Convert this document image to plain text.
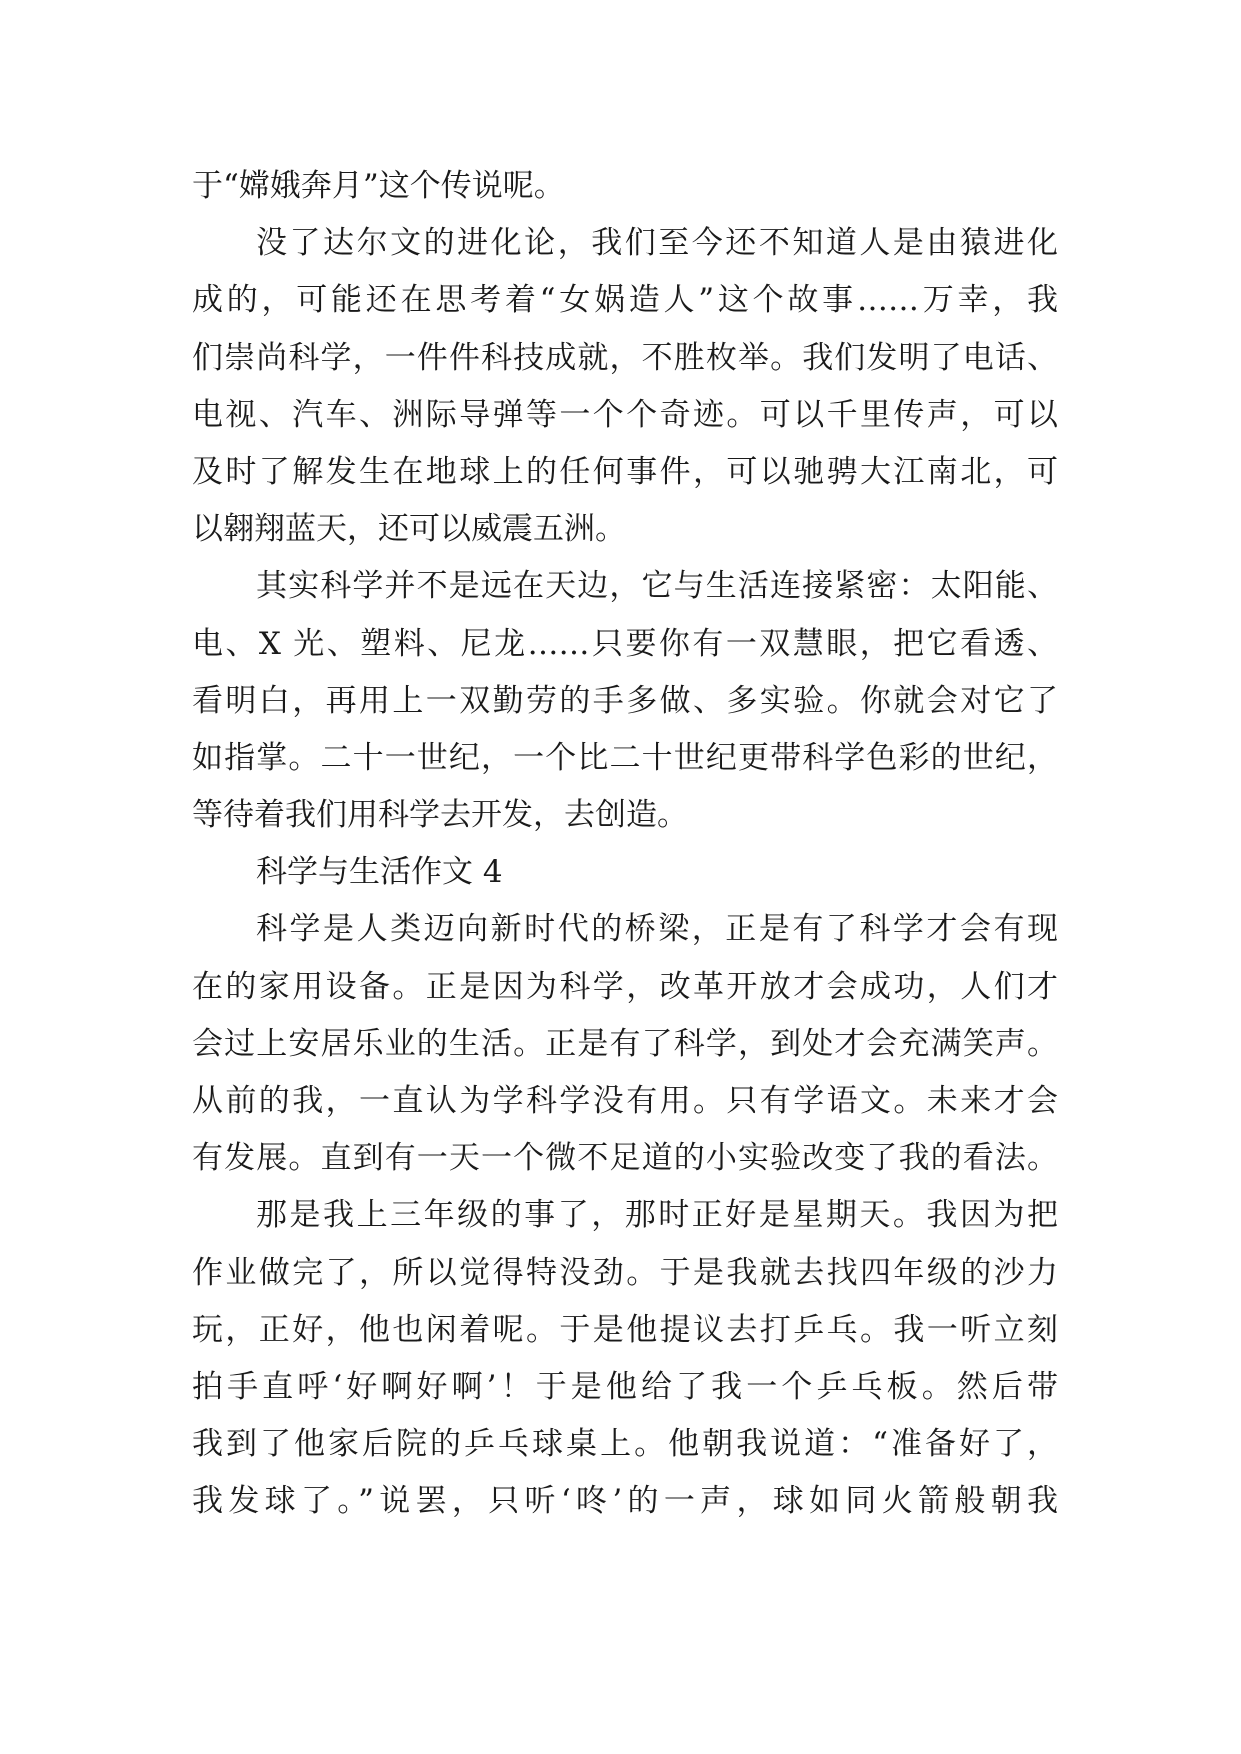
于“嫦娥奔月”这个传说呢。
没了达尔文的进化论，我们至今还不知道人是由猿进化
成的，可能还在思考着“女娲造人”这个故事……万幸，我
们崇尚科学，一件件科技成就，不胜枚举。我们发明了电话、
电视、汽车、洲际导弹等一个个奇迹。可以千里传声，可以
及时了解发生在地球上的任何事件，可以驰骋大江南北，可
以翱翔蓝天，还可以威震五洲。
其实科学并不是远在天边，它与生活连接紧密：太阳能、
电、X 光、塑料、尼龙……只要你有一双慧眼，把它看透、
看明白，再用上一双勤劳的手多做、多实验。你就会对它了
如指掌。二十一世纪，一个比二十世纪更带科学色彩的世纪，
等待着我们用科学去开发，去创造。
科学与生活作文 4
科学是人类迈向新时代的桥梁，正是有了科学才会有现
在的家用设备。正是因为科学，改革开放才会成功，人们才
会过上安居乐业的生活。正是有了科学，到处才会充满笑声。
从前的我，一直认为学科学没有用。只有学语文。未来才会
有发展。直到有一天一个微不足道的小实验改变了我的看法。
那是我上三年级的事了，那时正好是星期天。我因为把
作业做完了，所以觉得特没劲。于是我就去找四年级的沙力
玩，正好，他也闲着呢。于是他提议去打乒乓。我一听立刻
拍手直呼‘好啊好啊’！于是他给了我一个乒乓板。然后带
我到了他家后院的乒乓球桌上。他朝我说道：“准备好了，
我发球了。”说罢，只听‘咚’的一声，球如同火箭般朝我
